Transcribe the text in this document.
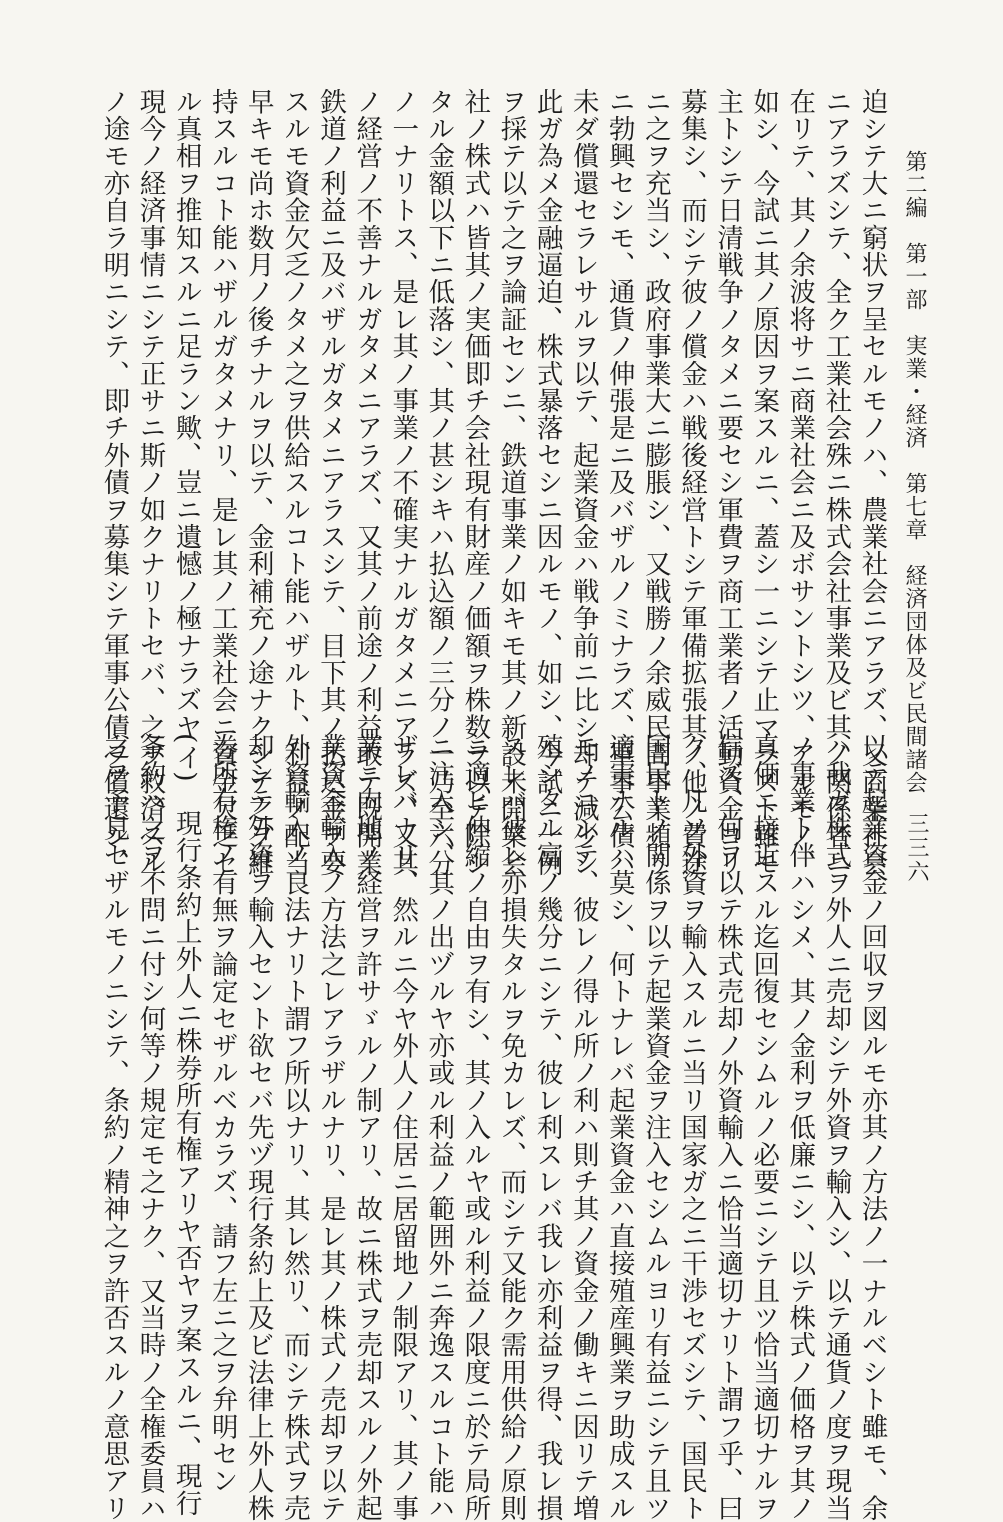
第二編　第一部　実業・経済　第七章　経済団体及ビ民間諸会
三三六
迫シテ大ニ窮状ヲ呈セルモノハ、農業社会ニアラズ、又商業社会
ニアラズシテ、全ク工業社会殊ニ株式会社事業及ビ其ノ関係者ニ
在リテ、其ノ余波将サニ商業社会ニ及ボサントシツ、アルモノ、
如シ、今試ニ其ノ原因ヲ案スルニ、蓋シ一ニシテ止マラズト雖モ
主トシテ日清戦争ノタメニ要セシ軍費ヲ商工業者ノ活動資金ヨリ
募集シ、而シテ彼ノ償金ハ戦後経営トシテ軍備拡張其ノ他ノ費途
ニ之ヲ充当シ、政府事業大ニ膨脹シ、又戦勝ノ余威民間事業頻リ
ニ勃興セシモ、通貨ノ伸張是ニ及バザルノミナラズ、軍事公債ハ
未ダ償還セラレサルヲ以テ、起業資金ハ戦争前ニ比シ却テ減少シ
此ガ為メ金融逼迫、株式暴落セシニ因ルモノ、如シ、今試ニ一例
ヲ採テ以テ之ヲ論証センニ、鉄道事業ノ如キモ其ノ新設未開業会
社ノ株式ハ皆其ノ実価即チ会社現有財産ノ価額ヲ株数ヲ以テ除シ
タル金額以下ニ低落シ、其ノ甚シキハ払込額ノ三分ノ一乃至六分
ノ一ナリトス、是レ其ノ事業ノ不確実ナルガタメニアラズ、又其
ノ経営ノ不善ナルガタメニアラズ、又其ノ前途ノ利益敢テ既開業
鉄道ノ利益ニ及バザルガタメニアラスシテ、目下其ノ払込金ヲ要
スルモ資金欠乏ノタメ之ヲ供給スルコト能ハザルト、利益ノ配当
早キモ尚ホ数月ノ後チナルヲ以テ、金利補充ノ途ナクシテ之ヲ維
持スルコト能ハザルガタメナリ、是レ其ノ工業社会ニ資金欠乏セ
ル真相ヲ推知スルニ足ラン歟、豈ニ遺憾ノ極ナラズヤ
現今ノ経済事情ニシテ正サニ斯ノ如クナリトセバ、之ヲ救済スル
ノ途モ亦自ラ明ニシテ、即チ外債ヲ募集シテ軍事公債ヲ償還シ、
以テ起業資金ノ回収ヲ図ルモ亦其ノ方法ノ一ナルベシト雖モ、余
ハ我ガ株式ヲ外人ニ売却シテ外資ヲ輸入シ、以テ通貨ノ度ヲ現当
ノ事業ト伴ハシメ、其ノ金利ヲ低廉ニシ、以テ株式ノ価格ヲ其ノ
真価ニ接近スル迄回復セシムルノ必要ニシテ且ツ恰当適切ナルヲ
信ズ、何ヲ以テ株式売却ノ外資輸入ニ恰当適切ナリト謂フ乎、曰
ク、凡ソ外資ヲ輸入スルニ当リ国家ガ之ニ干渉セズシテ、国民ト
国民トノ関係ヲ以テ起業資金ヲ注入セシムルヨリ有益ニシテ且ツ
適実ナルハ莫シ、何トナレバ起業資金ハ直接殖産興業ヲ助成スル
モノニシテ、彼レノ得ル所ノ利ハ則チ其ノ資金ノ働キニ因リテ増
殖シタル富ノ幾分ニシテ、彼レ利スレバ我レ亦利益ヲ得、我レ損
スレバ彼レ亦損失タルヲ免カレズ、而シテ又能ク需用供給ノ原則
ニ適ヒ伸縮ノ自由ヲ有シ、其ノ入ルヤ或ル利益ノ限度ニ於テ局所
ニ注入シ、其ノ出ヅルヤ亦或ル利益ノ範囲外ニ奔逸スルコト能ハ
ザレバナリ、然ルニ今ヤ外人ノ住居ニ居留地ノ制限アリ、其ノ事
業ニ内地ノ経営ヲ許サゞルノ制アリ、故ニ株式ヲ売却スルノ外起
業資金輸入ノ方法之レアラザルナリ、是レ其ノ株式ノ売却ヲ以テ
外資輸入ノ良法ナリト謂フ所以ナリ、其レ然リ、而シテ株式ヲ売
却シテ外資ヲ輸入セント欲セバ先ヅ現行条約上及ビ法律上外人株
券所有権ノ有無ヲ論定セザルベカラズ、請フ左ニ之ヲ弁明セン
(イ)　現行条約上外人ニ株券所有権アリヤ否ヤヲ案スルニ、現行
条約ハ之ヲ不問ニ付シ何等ノ規定モ之ナク、又当時ノ全権委員ハ
之ヲ予見セザルモノニシテ、条約ノ精神之ヲ許否スルノ意思アリ
